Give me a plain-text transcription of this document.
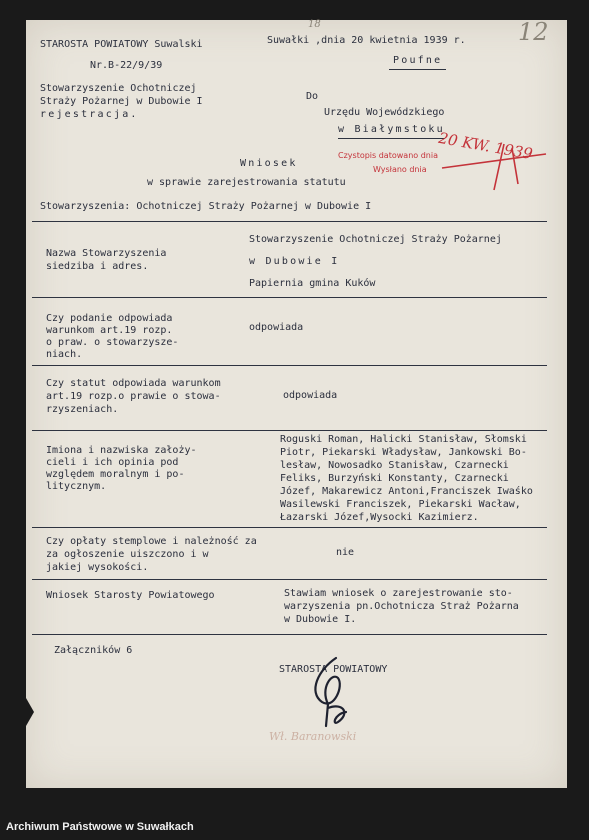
STAROSTA POWIATOWY Suwalski
Nr.B-22/9/39
Stowarzyszenie Ochotniczej
Straży Pożarnej w Dubowie I
rejestracja.
Suwałki ,dnia 20 kwietnia 1939 r.
Poufne
12
18
Do
Urzędu Wojewódzkiego
w Białymstoku
Czystopis datowano dnia
Wysłano dnia
20 KW. 1939
Wniosek
w sprawie zarejestrowania statutu
Stowarzyszenia: Ochotniczej Straży Pożarnej w Dubowie I
Nazwa Stowarzyszenia
siedziba i adres.
Stowarzyszenie Ochotniczej Straży Pożarnej
w Dubowie I
Papiernia gmina Kuków
Czy podanie odpowiada
warunkom art.19 rozp.
o praw. o stowarzysze-
niach.
odpowiada
Czy statut odpowiada warunkom
art.19 rozp.o prawie o stowa-
rzyszeniach.
odpowiada
Imiona i nazwiska założy-
cieli i ich opinia pod
względem moralnym i po-
litycznym.
Roguski Roman, Halicki Stanisław, Słomski
Piotr, Piekarski Władysław, Jankowski Bo-
lesław, Nowosadko Stanisław, Czarnecki
Feliks, Burzyński Konstanty, Czarnecki
Józef, Makarewicz Antoni,Franciszek Iwaśko
Wasilewski Franciszek, Piekarski Wacław,
Łazarski Józef,Wysocki Kazimierz.
Czy opłaty stemplowe i należność za
za ogłoszenie uiszczono i w
jakiej wysokości.
nie
Wniosek Starosty Powiatowego	Stawiam wniosek o zarejestrowanie sto-
warzyszenia pn.Ochotnicza Straż Pożarna
w Dubowie I.
Załączników 6
STAROSTA POWIATOWY
Wł. Baranowski
Archiwum Państwowe w Suwałkach
